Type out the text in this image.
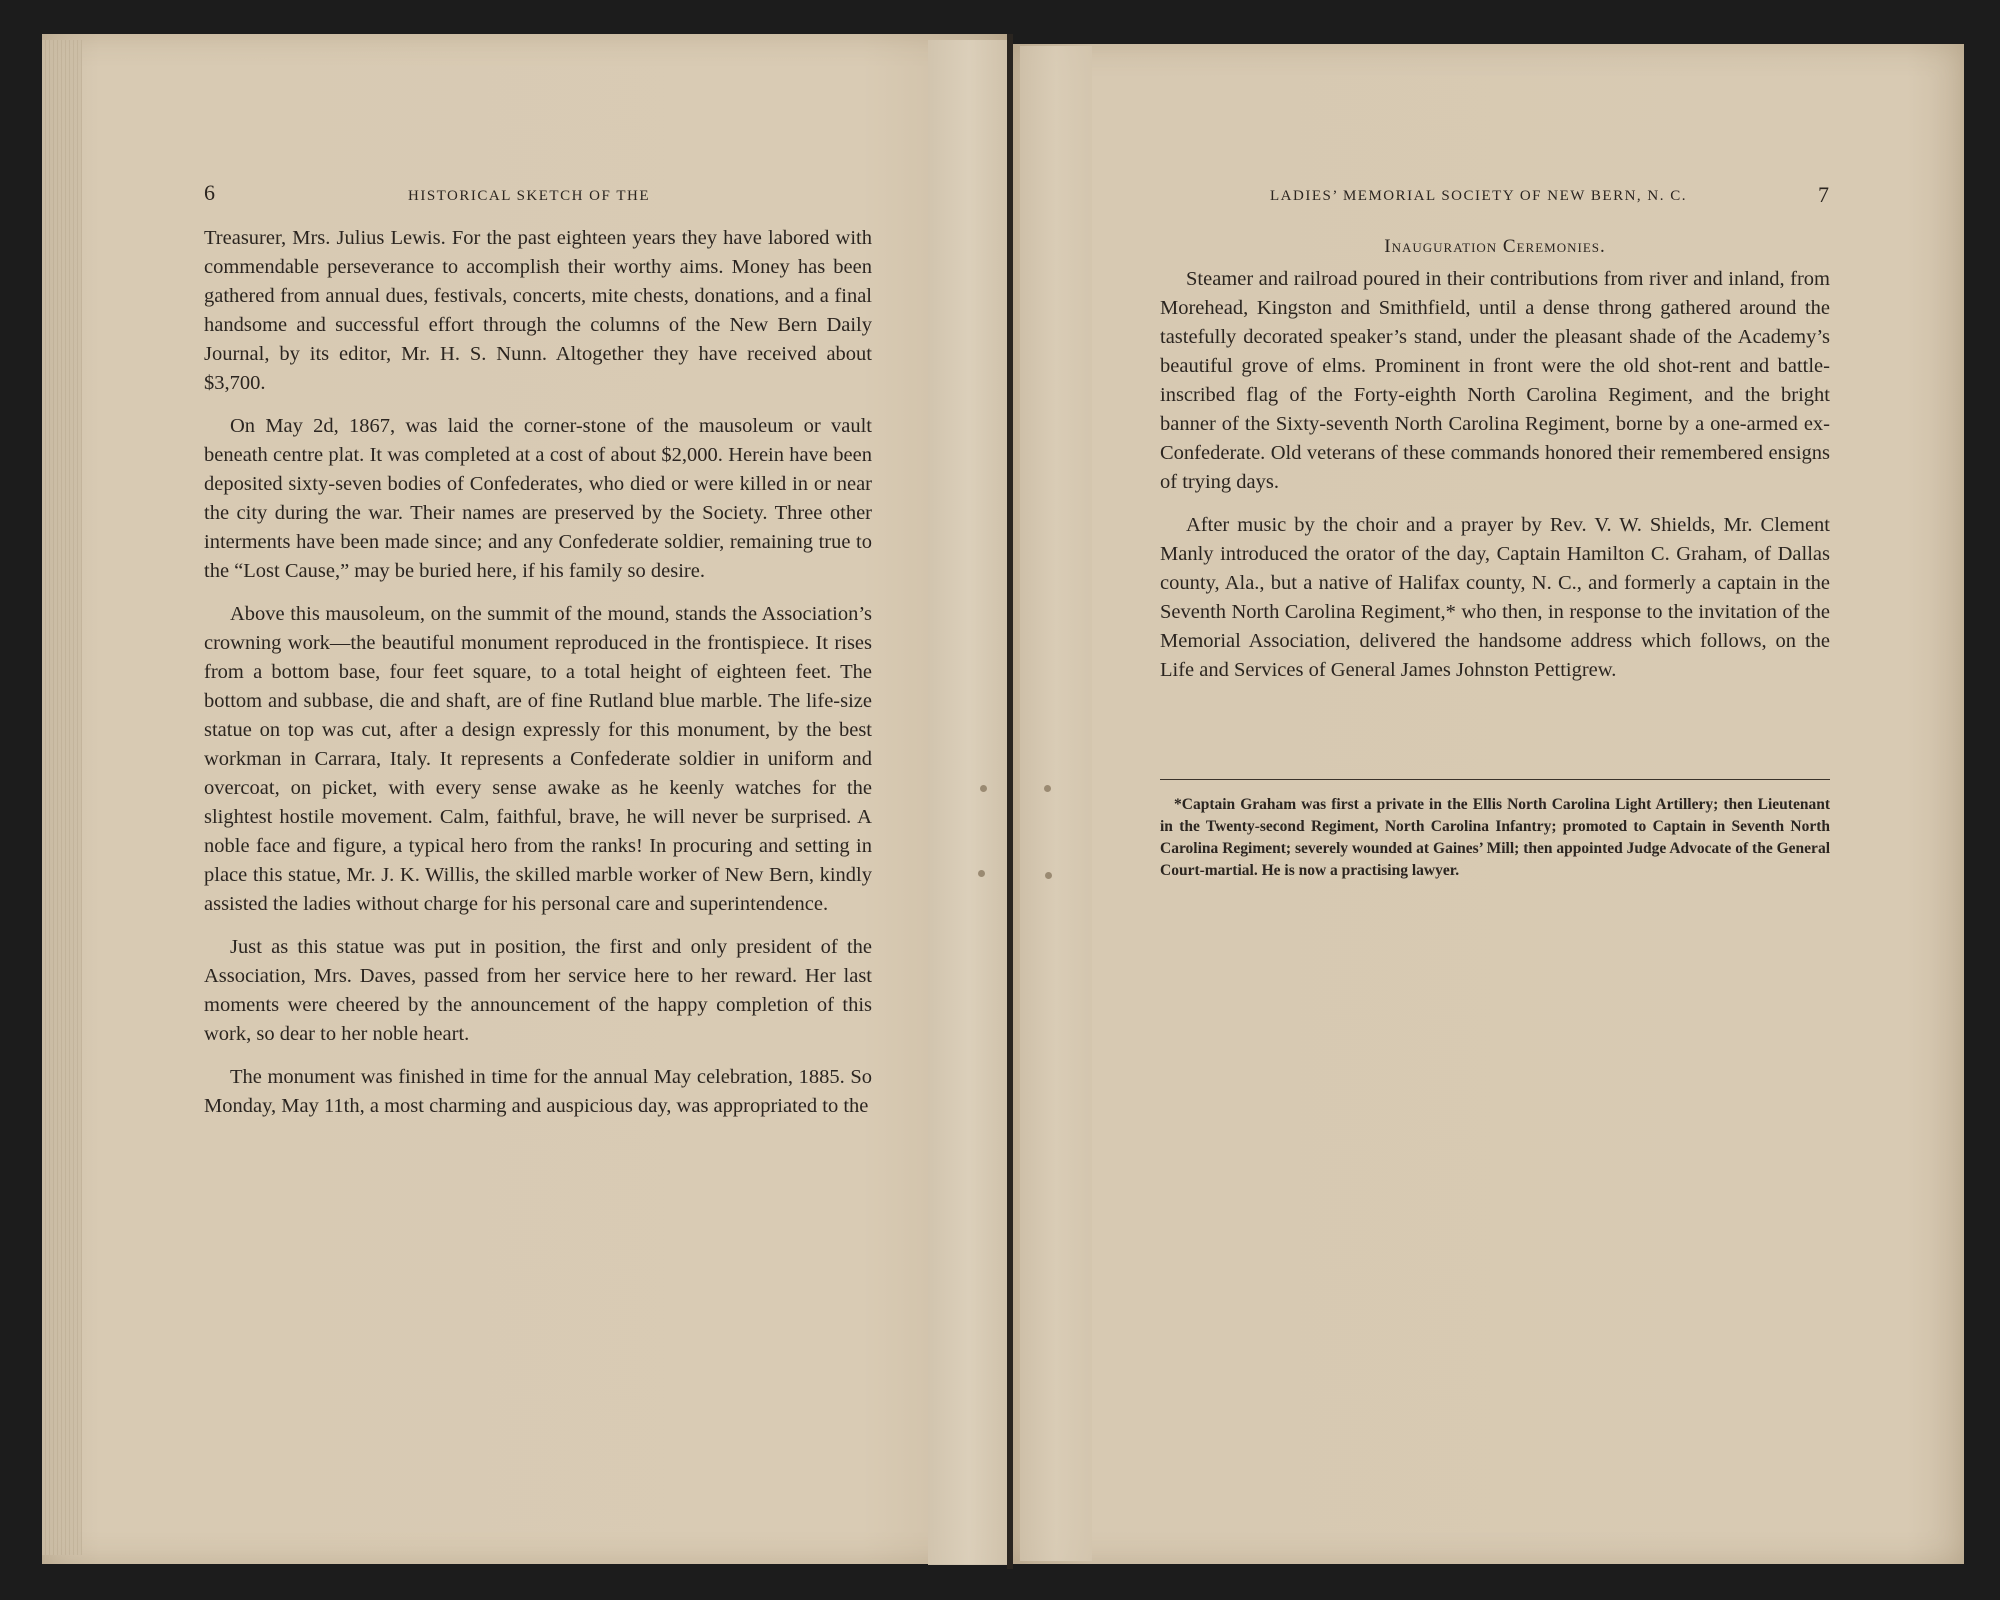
6	HISTORICAL SKETCH OF THE

Treasurer, Mrs. Julius Lewis. For the past eighteen years they have labored with commendable perseverance to accomplish their worthy aims. Money has been gathered from annual dues, festivals, concerts, mite chests, donations, and a final handsome and successful effort through the columns of the New Bern Daily Journal, by its editor, Mr. H. S. Nunn. Altogether they have received about $3,700.

On May 2d, 1867, was laid the corner-stone of the mausoleum or vault beneath centre plat. It was completed at a cost of about $2,000. Herein have been deposited sixty-seven bodies of Confederates, who died or were killed in or near the city during the war. Their names are preserved by the Society. Three other interments have been made since; and any Confederate soldier, remaining true to the “Lost Cause,” may be buried here, if his family so desire.

Above this mausoleum, on the summit of the mound, stands the Association’s crowning work—the beautiful monument reproduced in the frontispiece. It rises from a bottom base, four feet square, to a total height of eighteen feet. The bottom and subbase, die and shaft, are of fine Rutland blue marble. The life-size statue on top was cut, after a design expressly for this monument, by the best workman in Carrara, Italy. It represents a Confederate soldier in uniform and overcoat, on picket, with every sense awake as he keenly watches for the slightest hostile movement. Calm, faithful, brave, he will never be surprised. A noble face and figure, a typical hero from the ranks! In procuring and setting in place this statue, Mr. J. K. Willis, the skilled marble worker of New Bern, kindly assisted the ladies without charge for his personal care and superintendence.

Just as this statue was put in position, the first and only president of the Association, Mrs. Daves, passed from her service here to her reward. Her last moments were cheered by the announcement of the happy completion of this work, so dear to her noble heart.

The monument was finished in time for the annual May celebration, 1885. So Monday, May 11th, a most charming and auspicious day, was appropriated to the

LADIES’ MEMORIAL SOCIETY OF NEW BERN, N. C.	7

Inauguration Ceremonies.

Steamer and railroad poured in their contributions from river and inland, from Morehead, Kingston and Smithfield, until a dense throng gathered around the tastefully decorated speaker’s stand, under the pleasant shade of the Academy’s beautiful grove of elms. Prominent in front were the old shot-rent and battle-inscribed flag of the Forty-eighth North Carolina Regiment, and the bright banner of the Sixty-seventh North Carolina Regiment, borne by a one-armed ex-Confederate. Old veterans of these commands honored their remembered ensigns of trying days.

After music by the choir and a prayer by Rev. V. W. Shields, Mr. Clement Manly introduced the orator of the day, Captain Hamilton C. Graham, of Dallas county, Ala., but a native of Halifax county, N. C., and formerly a captain in the Seventh North Carolina Regiment,* who then, in response to the invitation of the Memorial Association, delivered the handsome address which follows, on the Life and Services of General James Johnston Pettigrew.

*Captain Graham was first a private in the Ellis North Carolina Light Artillery; then Lieutenant in the Twenty-second Regiment, North Carolina Infantry; promoted to Captain in Seventh North Carolina Regiment; severely wounded at Gaines’ Mill; then appointed Judge Advocate of the General Court-martial. He is now a practising lawyer.
